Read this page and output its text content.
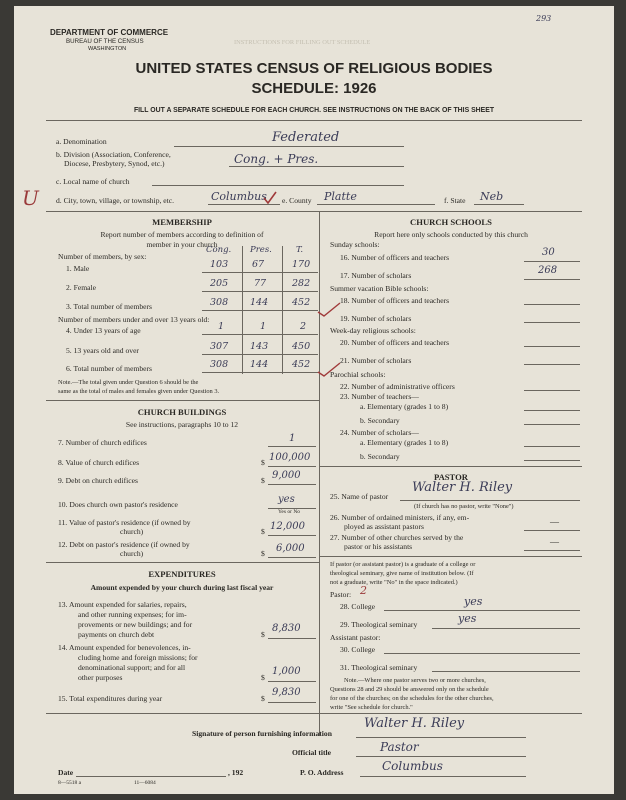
293
DEPARTMENT OF COMMERCE
BUREAU OF THE CENSUS
WASHINGTON
INSTRUCTIONS FOR FILLING OUT SCHEDULE
UNITED STATES CENSUS OF RELIGIOUS BODIES
SCHEDULE: 1926
FILL OUT A SEPARATE SCHEDULE FOR EACH CHURCH. SEE INSTRUCTIONS ON THE BACK OF THIS SHEET
a. Denomination	Federated
b. Division (Association, Conference,
Diocese, Presbytery, Synod, etc.)	Cong. + Pres.
c. Local name of church
U d. City, town, village, or township, etc.	Columbus e. County Platte	f. State Neb
MEMBERSHIP
Report number of members according to definition of
member in your church
Cong. Pres.	T.
Number of members, by sex:
1. Male	103	67	170
2. Female	205	77	282
3. Total number of members	308 144	452
Number of members under and over 13 years old:
4. Under 13 years of age	1	1	2
5. 13 years old and over	307 143	450
6. Total number of members	308 144	452
Note.—The total given under Question 6 should be the
same as the total of males and females given under Question 3.
CHURCH BUILDINGS
See instructions, paragraphs 10 to 12
7. Number of church edifices	1
8. Value of church edifices	$ 100,000
9. Debt on church edifices	$ 9,000
10. Does church own pastor's residence	yes
Yes or No
11. Value of pastor's residence (if owned by
church)	$ 12,000
12. Debt on pastor's residence (if owned by
church)	$ 6,000
EXPENDITURES
Amount expended by your church during last fiscal year
13. Amount expended for salaries, repairs,
and other running expenses; for im-
provements or new buildings; and for
payments on church debt	$
8,830
14. Amount expended for benevolences, in-
cluding home and foreign missions; for
denominational support; and for all
other purposes	$
1,000
15. Total expenditures during year	$
9,830
CHURCH SCHOOLS
Report here only schools conducted by this church
Sunday schools:
16. Number of officers and teachers	30
17. Number of scholars	268
Summer vacation Bible schools:
18. Number of officers and teachers
19. Number of scholars
Week-day religious schools:
20. Number of officers and teachers
21. Number of scholars
Parochial schools:
22. Number of administrative officers
23. Number of teachers—
a. Elementary (grades 1 to 8)
b. Secondary
24. Number of scholars—
a. Elementary (grades 1 to 8)
b. Secondary
PASTOR
25. Name of pastor
Walter H. Riley
(If church has no pastor, write "None")
26. Number of ordained ministers, if any, em-
ployed as assistant pastors	—
27. Number of other churches served by the
pastor or his assistants	—
If pastor (or assistant pastor) is a graduate of a college or
theological seminary, give name of institution below. (If
not a graduate, write "No" in the space indicated.)
Pastor: 2
28. College	yes
29. Theological seminary	yes
Assistant pastor:
30. College
31. Theological seminary
Note.—Where one pastor serves two or more churches,
Questions 28 and 29 should be answered only on the schedule
for one of the churches; on the schedules for the other churches,
write "See schedule for church."
Signature of person furnishing information
Walter H. Riley
Official title	Pastor
Date	, 192	P. O. Address	Columbus
8—5518 a	11—6084
